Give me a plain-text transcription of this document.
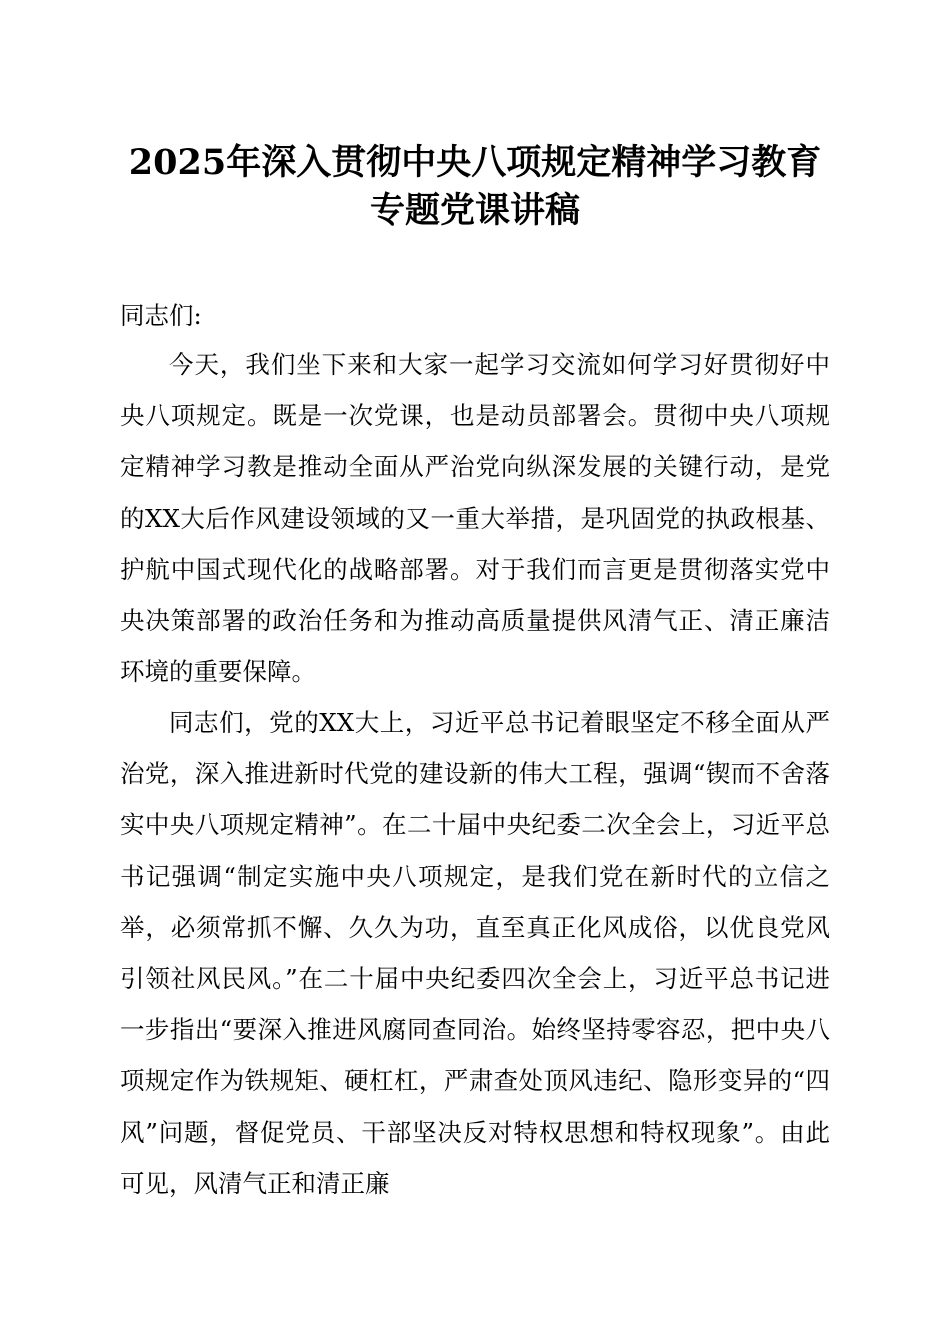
2025年深入贯彻中央八项规定精神学习教育
专题党课讲稿

同志们:

今天，我们坐下来和大家一起学习交流如何学习好贯彻好中央八项规定。既是一次党课，也是动员部署会。贯彻中央八项规定精神学习教是推动全面从严治党向纵深发展的关键行动，是党的XX大后作风建设领域的又一重大举措，是巩固党的执政根基、护航中国式现代化的战略部署。对于我们而言更是贯彻落实党中央决策部署的政治任务和为推动高质量提供风清气正、清正廉洁环境的重要保障。

同志们，党的XX大上，习近平总书记着眼坚定不移全面从严治党，深入推进新时代党的建设新的伟大工程，强调“锲而不舍落实中央八项规定精神”。在二十届中央纪委二次全会上，习近平总书记强调“制定实施中央八项规定，是我们党在新时代的立信之举，必须常抓不懈、久久为功，直至真正化风成俗，以优良党风引领社风民风。”在二十届中央纪委四次全会上，习近平总书记进一步指出“要深入推进风腐同查同治。始终坚持零容忍，把中央八项规定作为铁规矩、硬杠杠，严肃查处顶风违纪、隐形变异的“四风”问题，督促党员、干部坚决反对特权思想和特权现象”。由此可见，风清气正和清正廉
